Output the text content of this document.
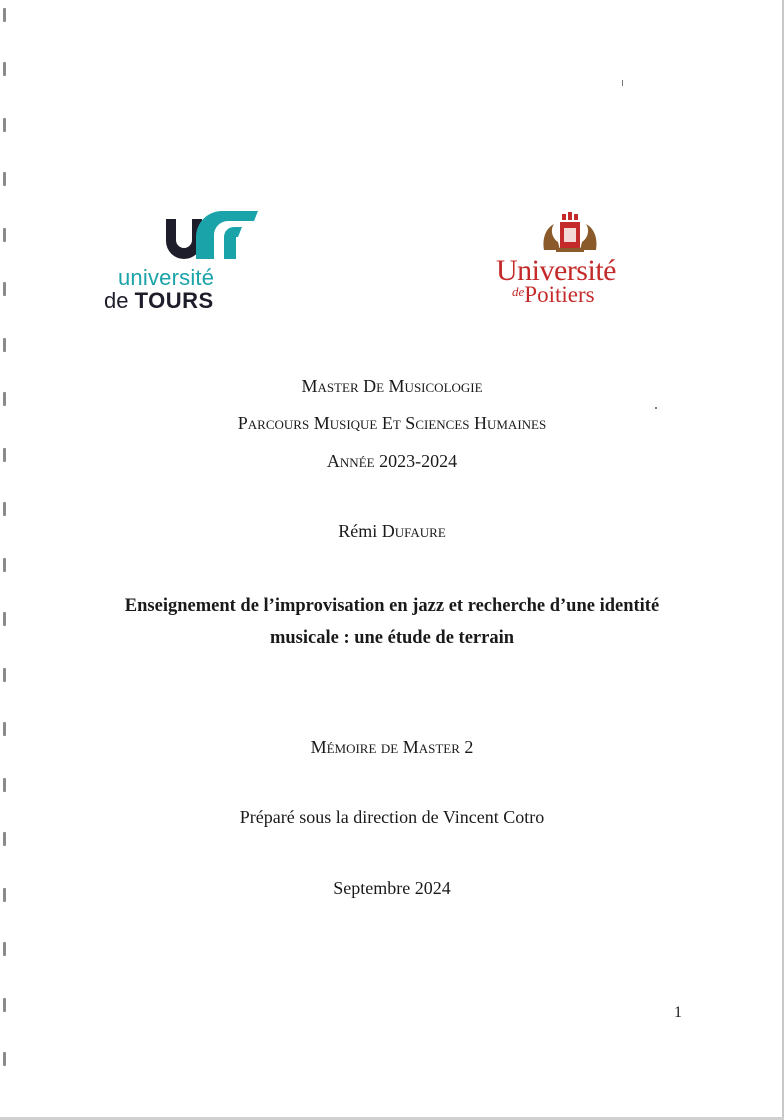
université
de TOURS
Université
$^{de}$Poitiers
Master De Musicologie
Parcours Musique Et Sciences Humaines
Année 2023-2024
Rémi Dufaure
Enseignement de l’improvisation en jazz et recherche d’une identité
musicale : une étude de terrain
Mémoire de Master 2
Préparé sous la direction de Vincent Cotro
Septembre 2024
1
